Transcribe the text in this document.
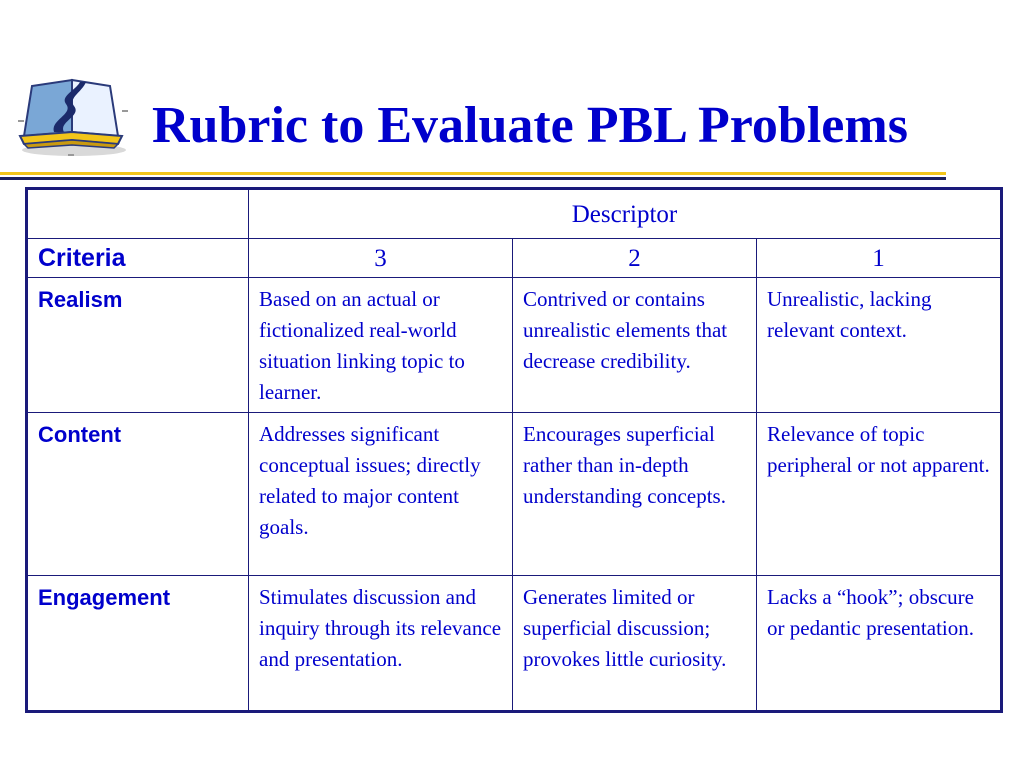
Rubric to Evaluate PBL Problems
	Descriptor		
Criteria	3	2	1
Realism	Based on an actual or fictionalized real-world situation linking topic to learner.	Contrived or contains unrealistic elements that decrease credibility.	Unrealistic, lacking relevant context.
Content	Addresses significant conceptual issues; directly related to major content goals.	Encourages superficial rather than in-depth understanding concepts.	Relevance of topic peripheral or not apparent.
Engagement	Stimulates discussion and inquiry through its relevance and presentation.	Generates limited or superficial discussion; provokes little curiosity.	Lacks a “hook”; obscure or pedantic presentation.
